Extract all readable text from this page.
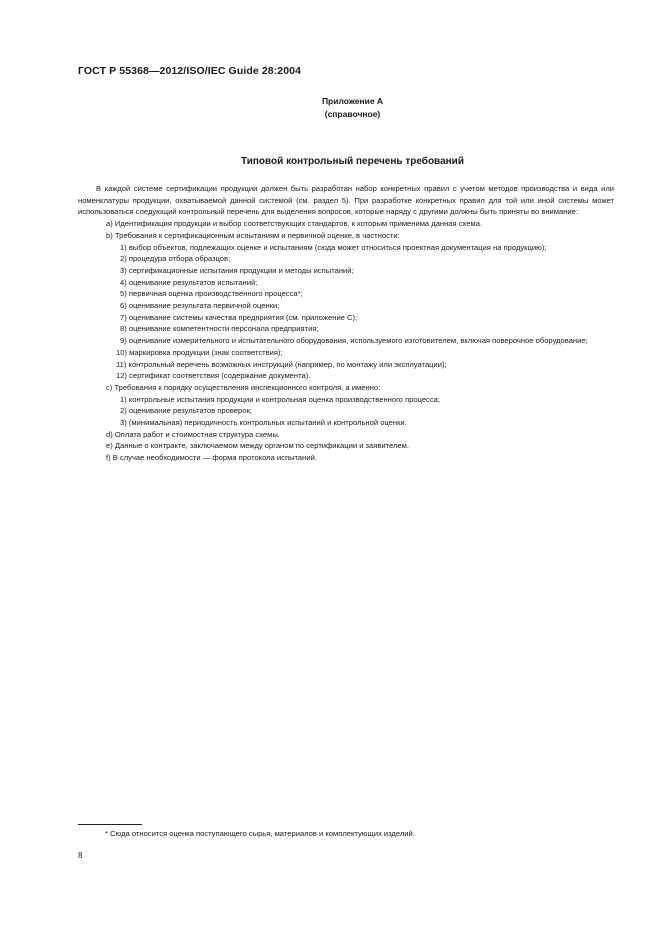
ГОСТ Р 55368—2012/ISO/IEC Guide 28:2004
Приложение А
(справочное)
Типовой контрольный перечень требований

В каждой системе сертификации продукции должен быть разработан набор конкретных правил с учетом методов производства и вида или номенклатуры продукции, охватываемой данной системой (см. раздел 5). При разработке конкретных правил для той или иной системы может использоваться следующий контрольный перечень для выделения вопросов, которые наряду с другими должны быть приняты во внимание:

a) Идентификация продукции и выбор соответствующих стандартов, к которым применима данная схема.
b) Требования к сертификационным испытаниям и первичной оценке, в частности:
1) выбор объектов, подлежащих оценке и испытаниям (сюда может относиться проектная документация на продукцию);
2) процедура отбора образцов;
3) сертификационные испытания продукции и методы испытаний;
4) оценивание результатов испытаний;
5) первичная оценка производственного процесса*;
6) оценивание результата первичной оценки;
7) оценивание системы качества предприятия (см. приложение С);
8) оценивание компетентности персонала предприятия;
9) оценивание измерительного и испытательного оборудования, используемого изготовителем, включая поверочное оборудование;
10) маркировка продукции (знак соответствия);
11) контрольный перечень возможных инструкций (например, по монтажу или эксплуатации);
12) сертификат соответствия (содержание документа).
c) Требования к порядку осуществления инспекционного контроля, а именно:
1) контрольные испытания продукции и контрольная оценка производственного процесса;
2) оценивание результатов проверок;
3) (минимальная) периодичность контрольных испытаний и контрольной оценки.
d) Оплата работ и стоимостная структура схемы.
e) Данные о контракте, заключаемом между органом по сертификации и заявителем.
f) В случае необходимости — форма протокола испытаний.
* Сюда относится оценка поступающего сырья, материалов и комплектующих изделий.
8
